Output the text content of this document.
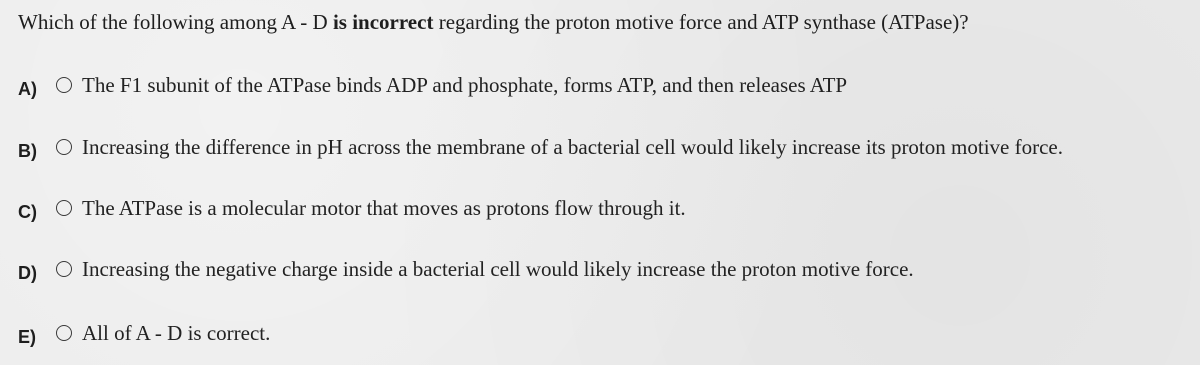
Which of the following among A - D is incorrect regarding the proton motive force and ATP synthase (ATPase)?
A)	The F1 subunit of the ATPase binds ADP and phosphate, forms ATP, and then releases ATP
B)	Increasing the difference in pH across the membrane of a bacterial cell would likely increase its proton motive force.
C)	The ATPase is a molecular motor that moves as protons flow through it.
D)	Increasing the negative charge inside a bacterial cell would likely increase the proton motive force.
E)	All of A - D is correct.
